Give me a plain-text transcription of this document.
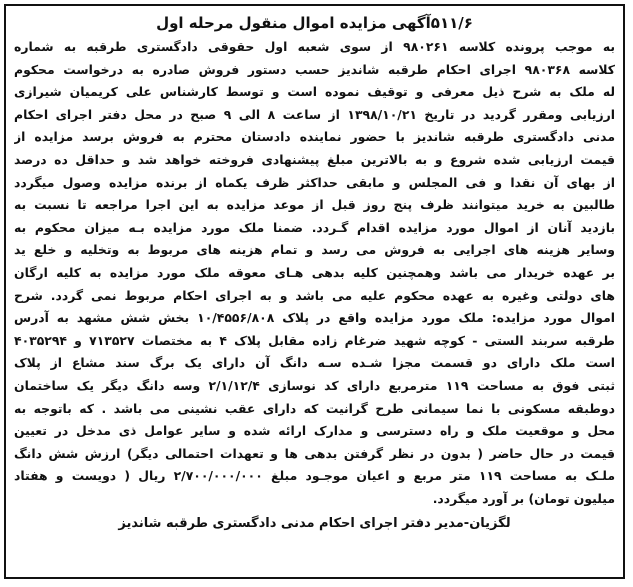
۵۱۱/۶آگهی مزایده اموال منقول مرحله اول
به موجب پرونده کلاسه ۹۸۰۲۶۱ از سوی شعبه اول حقوقی دادگستری طرقبه به شماره
کلاسه ۹۸۰۳۶۸ اجرای احکام طرقبه شاندیز حسب دستور فروش صادره به درخواست محکوم
له ملک به شرح ذیل معرفی و توقیف نموده است و توسط کارشناس علی کریمیان شیرازی
ارزیابی ومقرر گردید در تاریخ ۱۳۹۸/۱۰/۲۱ از ساعت ۸ الی ۹ صبح در محل دفتر اجرای احکام
مدنی دادگستری طرقبه شاندیز با حضور نماینده دادستان محترم به فروش برسد مزایده از
قیمت ارزیابی شده شروع و به بالاترین مبلغ پیشنهادی فروخته خواهد شد و حداقل ده درصد
از بهای آن نقدا و فی المجلس و مابقی حداکثر ظرف یکماه از برنده مزایده وصول میگردد
طالبین به خرید میتوانند ظرف پنج روز قبل از موعد مزایده به این اجرا مراجعه تا نسبت به
بازدید آنان از اموال مورد مزایده اقدام گـردد. ضمنا ملک مورد مزایده بـه میزان محکوم به
وسایر هزینه های اجرایی به فروش می رسد و تمام هزینه های مربوط به وتخلیه و خلع ید
بر عهده خریدار می باشد وهمچنین کلیه بدهی هـای معوقه ملک مورد مزایده به کلیه ارگان
های دولتی وغیره به عهده محکوم علیه می باشد و به اجرای احکام مربوط نمی گردد. شرح
اموال مورد مزایده: ملک مورد مزایده واقع در پلاک ۱۰/۴۵۵۶/۸۰۸ بخش شش مشهد به آدرس
طرقبه سربند الستی - کوچه شهید ضرغام زاده مقابل پلاک ۴ به مختصات ۷۱۳۵۲۷ و ۴۰۳۵۲۹۴
است ملک دارای دو قسمت مجزا شـده سـه دانگ آن دارای یک برگ سند مشاع از پلاک
ثبتی فوق به مساحت ۱۱۹ مترمربع دارای کد نوسازی ۲/۱/۱۲/۴ وسه دانگ دیگر یک ساختمان
دوطبقه مسکونی با نما سیمانی طرح گرانیت که دارای عقب نشینی می باشد . که باتوجه به
محل و موقعیت ملک و راه دسترسی و مدارک ارائه شده و سایر عوامل ذی مدخل در تعیین
قیمت در حال حاضر ( بدون در نظر گرفتن بدهی ها و تعهدات احتمالی دیگر) ارزش شش دانگ
ملـک به مساحت ۱۱۹ متر مربع و اعیان موجـود مبلغ ۲/۷۰۰/۰۰۰/۰۰۰ ریال ( دویست و هفتاد
میلیون تومان) بر آورد میگردد.
لگزیان-مدیر دفتر اجرای احکام مدنی دادگستری طرقبه شاندیز
